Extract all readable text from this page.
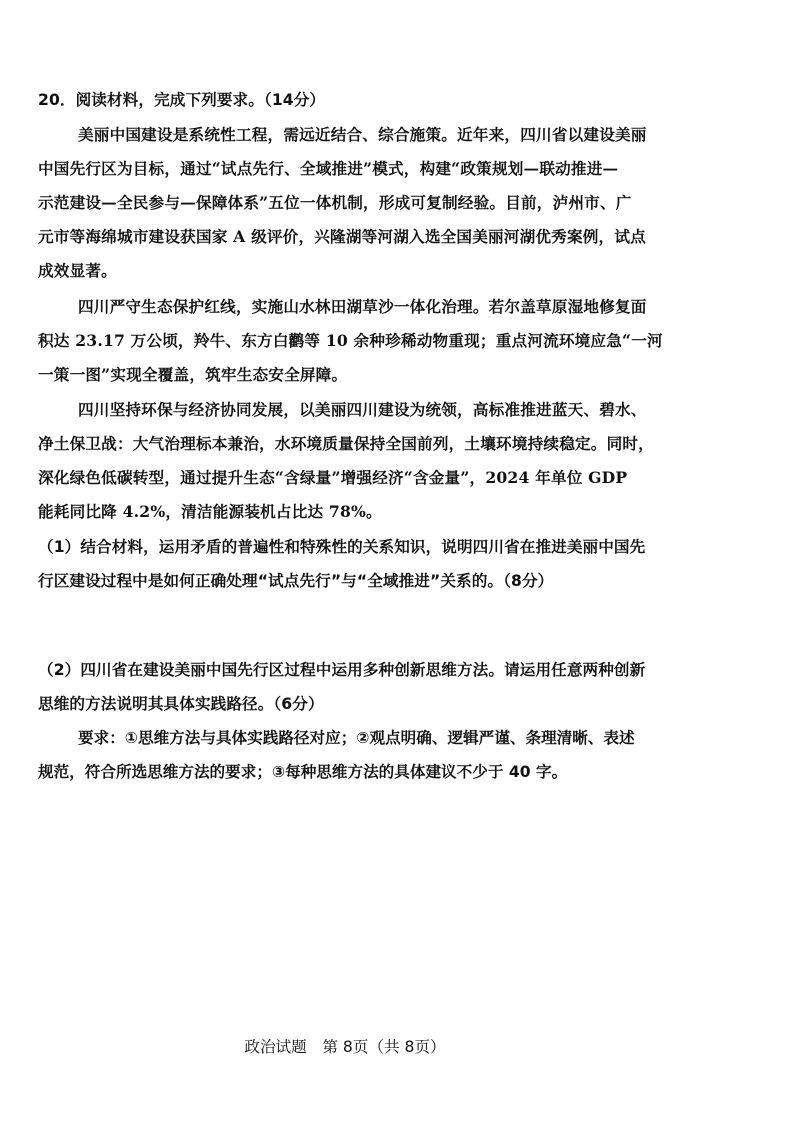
20．阅读材料，完成下列要求。（14分）
美丽中国建设是系统性工程，需远近结合、综合施策。近年来，四川省以建设美丽
中国先行区为目标，通过“试点先行、全域推进”模式，构建“政策规划—联动推进—
示范建设—全民参与—保障体系”五位一体机制，形成可复制经验。目前，泸州市、广
元市等海绵城市建设获国家 A 级评价，兴隆湖等河湖入选全国美丽河湖优秀案例，试点
成效显著。
四川严守生态保护红线，实施山水林田湖草沙一体化治理。若尔盖草原湿地修复面
积达 23.17 万公顷，羚牛、东方白鹳等 10 余种珍稀动物重现；重点河流环境应急“一河
一策一图”实现全覆盖，筑牢生态安全屏障。
四川坚持环保与经济协同发展，以美丽四川建设为统领，高标准推进蓝天、碧水、
净土保卫战：大气治理标本兼治，水环境质量保持全国前列，土壤环境持续稳定。同时，
深化绿色低碳转型，通过提升生态“含绿量”增强经济“含金量”，2024 年单位 GDP
能耗同比降 4.2%，清洁能源装机占比达 78%。
（1）结合材料，运用矛盾的普遍性和特殊性的关系知识，说明四川省在推进美丽中国先
行区建设过程中是如何正确处理“试点先行”与“全域推进”关系的。（8分）
（2）四川省在建设美丽中国先行区过程中运用多种创新思维方法。请运用任意两种创新
思维的方法说明其具体实践路径。（6分）
要求：①思维方法与具体实践路径对应；②观点明确、逻辑严谨、条理清晰、表述
规范，符合所选思维方法的要求；③每种思维方法的具体建议不少于 40 字。
政治试题　第 8页（共 8页）
